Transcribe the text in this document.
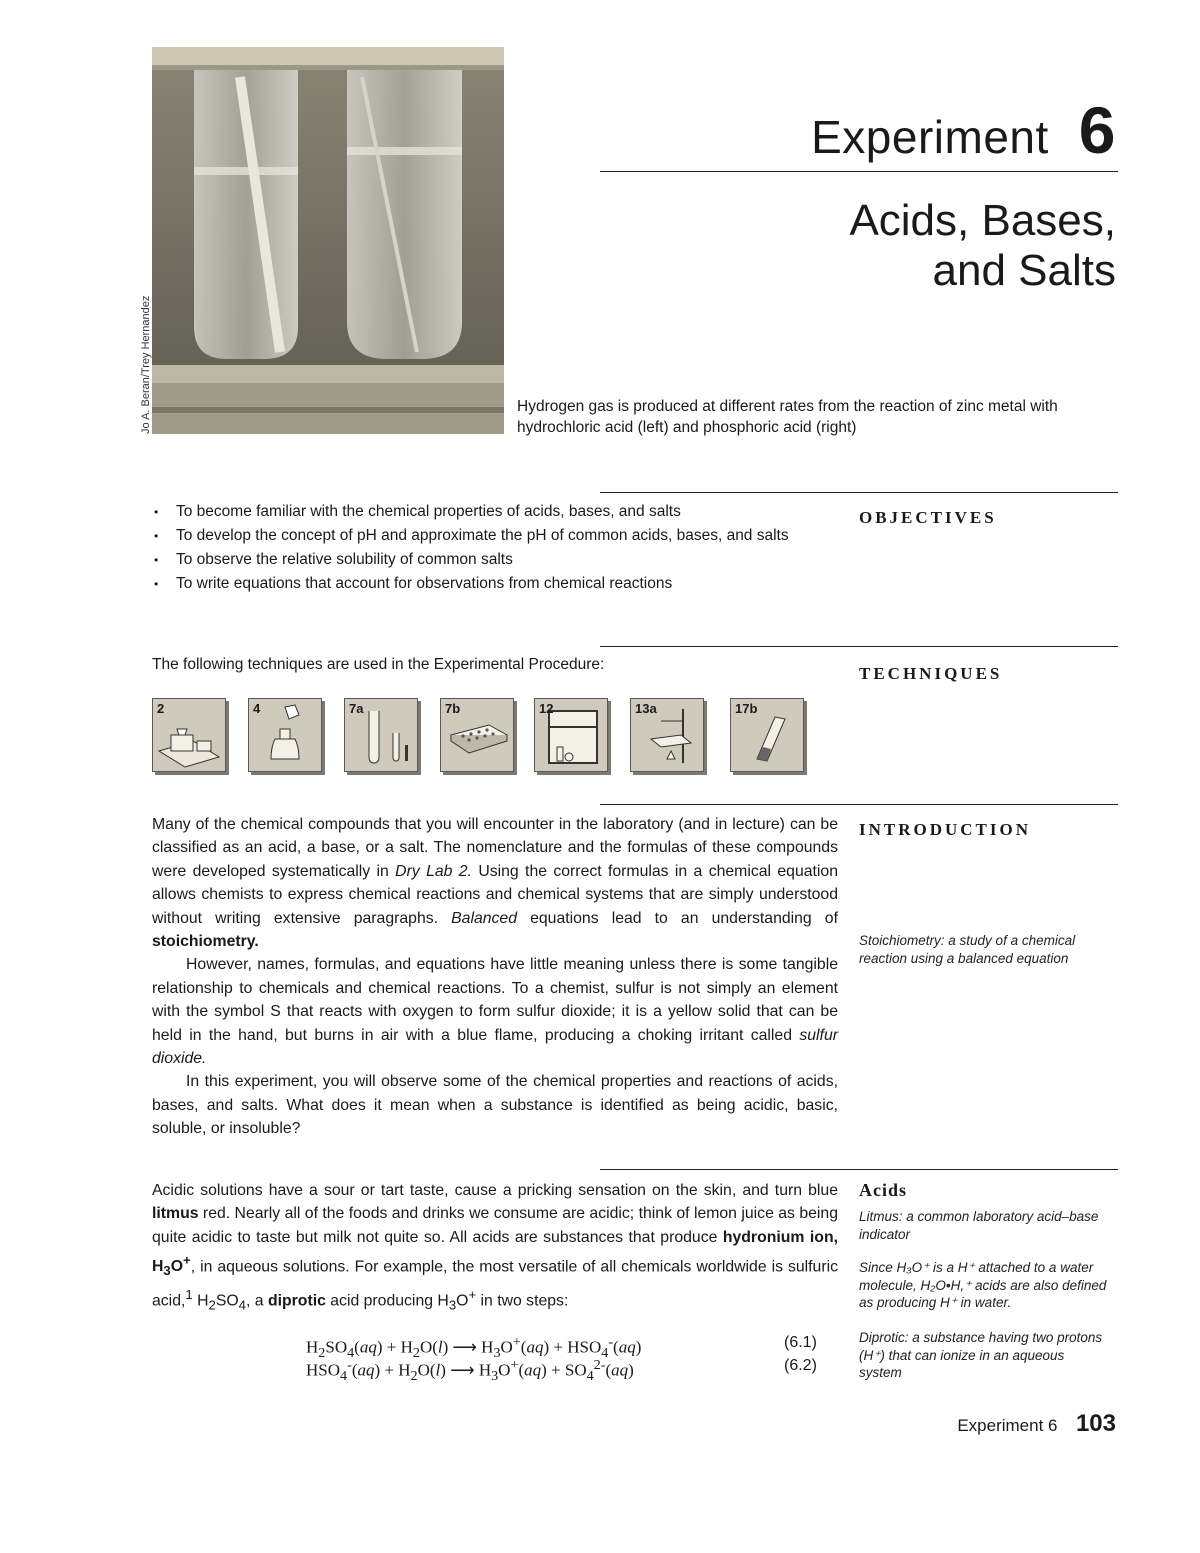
Jo A. Beran/Trey Hernandez
Experiment 6
Acids, Bases,
and Salts
Hydrogen gas is produced at different rates from the reaction of zinc metal with hydrochloric acid (left) and phosphoric acid (right)
OBJECTIVES
• To become familiar with the chemical properties of acids, bases, and salts
• To develop the concept of pH and approximate the pH of common acids, bases, and salts
• To observe the relative solubility of common salts
• To write equations that account for observations from chemical reactions
TECHNIQUES
The following techniques are used in the Experimental Procedure:
2	4	7a	7b	12	13a	17b
INTRODUCTION

Many of the chemical compounds that you will encounter in the laboratory (and in lecture) can be classified as an acid, a base, or a salt. The nomenclature and the formulas of these compounds were developed systematically in Dry Lab 2. Using the correct formulas in a chemical equation allows chemists to express chemical reactions and chemical systems that are simply understood without writing extensive paragraphs. Balanced equations lead to an understanding of stoichiometry.

However, names, formulas, and equations have little meaning unless there is some tangible relationship to chemicals and chemical reactions. To a chemist, sulfur is not simply an element with the symbol S that reacts with oxygen to form sulfur dioxide; it is a yellow solid that can be held in the hand, but burns in air with a blue flame, producing a choking irritant called sulfur dioxide.

In this experiment, you will observe some of the chemical properties and reactions of acids, bases, and salts. What does it mean when a substance is identified as being acidic, basic, soluble, or insoluble?

Stoichiometry: a study of a chemical reaction using a balanced equation
Acids

Acidic solutions have a sour or tart taste, cause a pricking sensation on the skin, and turn blue litmus red. Nearly all of the foods and drinks we consume are acidic; think of lemon juice as being quite acidic to taste but milk not quite so. All acids are substances that produce hydronium ion, $H_3O^+$, in aqueous solutions. For example, the most versatile of all chemicals worldwide is sulfuric acid,$^1$ $H_2SO_4$, a diprotic acid producing $H_3O^+$ in two steps:

$H_2SO_4(aq) + H_2O(l)$ ⟶ $H_3O^+(aq) + HSO_4^-(aq)$
$HSO_4^-(aq) + H_2O(l)$ ⟶ $H_3O^+(aq) + SO_4^{2-}(aq)$
(6.1)
(6.2)
Litmus: a common laboratory acid–base indicator
Since H₃O⁺ is a H⁺ attached to a water molecule, H₂O•H,⁺ acids are also defined as producing H⁺ in water.
Diprotic: a substance having two protons (H⁺) that can ionize in an aqueous system
Experiment 6 103
